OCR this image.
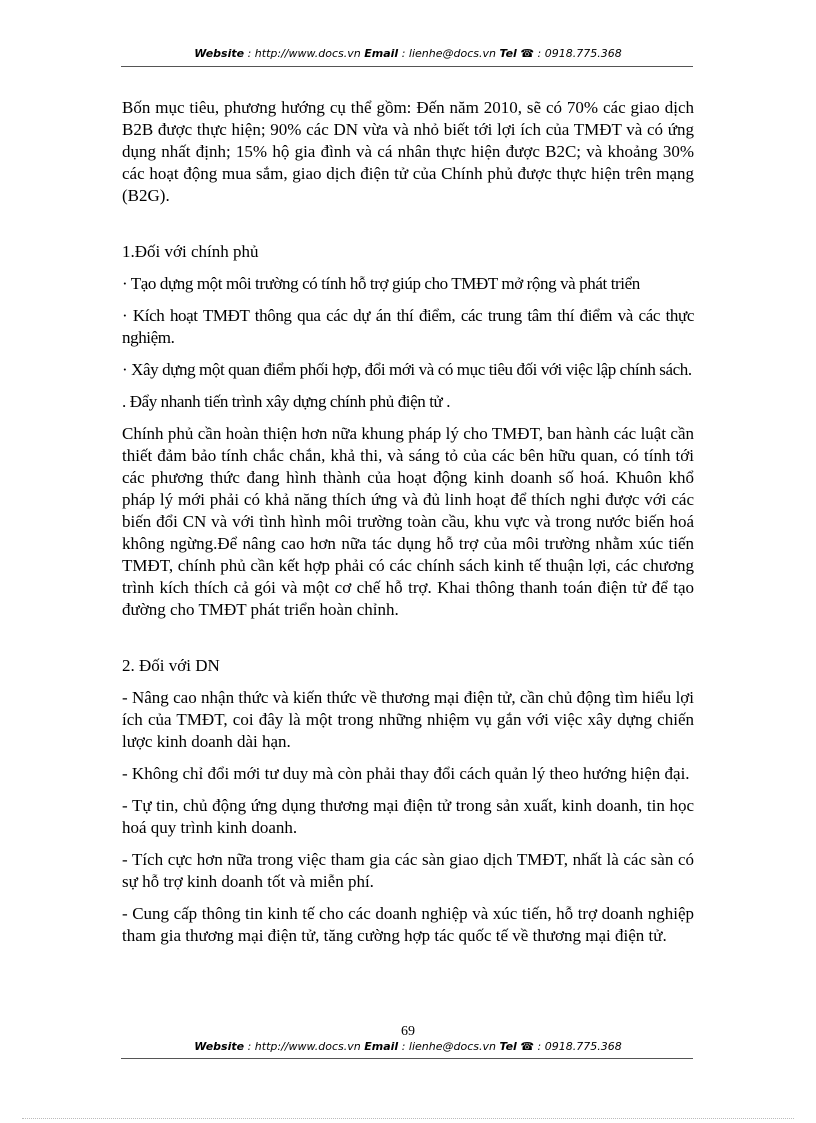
Website : http://www.docs.vn Email : lienhe@docs.vn Tel ☎ : 0918.775.368

Bốn mục tiêu, phương hướng cụ thể gồm: Đến năm 2010, sẽ có 70% các giao dịch B2B được thực hiện; 90% các DN vừa và nhỏ biết tới lợi ích của TMĐT và có ứng dụng nhất định; 15% hộ gia đình và cá nhân thực hiện được B2C; và khoảng 30% các hoạt động mua sắm, giao dịch điện tử của Chính phủ được thực hiện trên mạng (B2G).

1.Đối với chính phủ

· Tạo dựng một môi trường có tính hỗ trợ giúp cho TMĐT mở rộng và phát triển

· Kích hoạt TMĐT thông qua các dự án thí điểm, các trung tâm thí điểm và các thực nghiệm.

· Xây dựng một quan điểm phối hợp, đổi mới và có mục tiêu đối với việc lập chính sách.

. Đẩy nhanh tiến trình xây dựng chính phủ điện tử .

Chính phủ cần hoàn thiện hơn nữa khung pháp lý cho TMĐT, ban hành các luật cần thiết đảm bảo tính chắc chắn, khả thi, và sáng tỏ của các bên hữu quan, có tính tới các phương thức đang hình thành của hoạt động kinh doanh số hoá. Khuôn khổ pháp lý mới phải có khả năng thích ứng và đủ linh hoạt để thích nghi được với các biến đổi CN và với tình hình môi trường toàn cầu, khu vực và trong nước biến hoá không ngừng.Để nâng cao hơn nữa tác dụng hỗ trợ của môi trường nhằm xúc tiến TMĐT, chính phủ cần kết hợp phải có các chính sách kinh tế thuận lợi, các chương trình kích thích cả gói và một cơ chế hỗ trợ. Khai thông thanh toán điện tử để tạo đường cho TMĐT phát triển hoàn chỉnh.

2. Đối với DN

- Nâng cao nhận thức và kiến thức về thương mại điện tử, cần chủ động tìm hiểu lợi ích của TMĐT, coi đây là một trong những nhiệm vụ gắn với việc xây dựng chiến lược kinh doanh dài hạn.

- Không chỉ đổi mới tư duy mà còn phải thay đổi cách quản lý theo hướng hiện đại.

- Tự tin, chủ động ứng dụng thương mại điện tử trong sản xuất, kinh doanh, tin học hoá quy trình kinh doanh.

- Tích cực hơn nữa trong việc tham gia các sàn giao dịch TMĐT, nhất là các sàn có sự hỗ trợ kinh doanh tốt và miễn phí.

- Cung cấp thông tin kinh tế cho các doanh nghiệp và xúc tiến, hỗ trợ doanh nghiệp tham gia thương mại điện tử, tăng cường hợp tác quốc tế về thương mại điện tử.

69
Website : http://www.docs.vn Email : lienhe@docs.vn Tel ☎ : 0918.775.368
